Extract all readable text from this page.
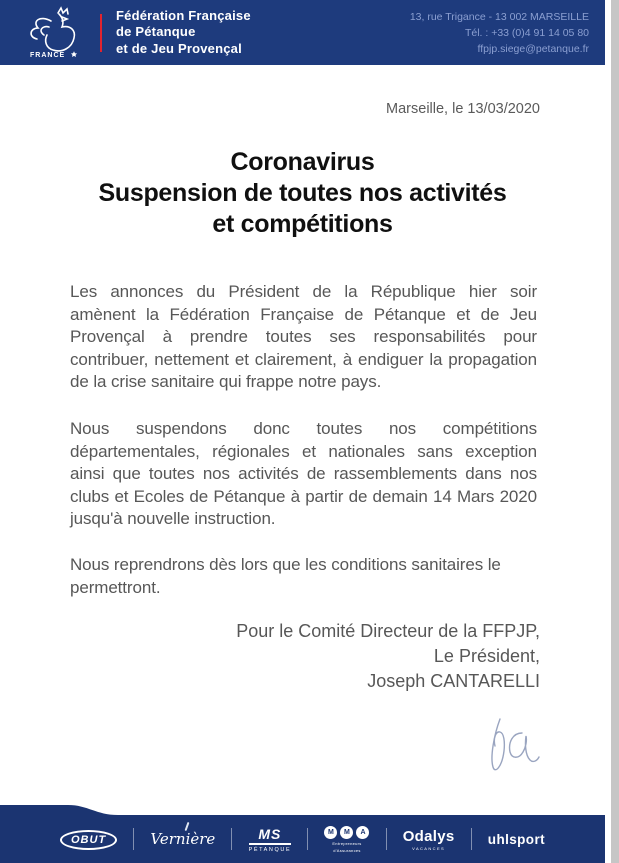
FRANCE
Fédération Française
de Pétanque
et de Jeu Provençal
13, rue Trigance - 13 002 MARSEILLE
Tél. : +33 (0)4 91 14 05 80
ffpjp.siege@petanque.fr
Marseille, le 13/03/2020
Coronavirus
Suspension de toutes nos activités
et compétitions

Les annonces du Président de la République hier soir amènent la Fédération Française de Pétanque et de Jeu Provençal à prendre toutes ses responsabilités pour contribuer, nettement et clairement, à endiguer la propagation de la crise sanitaire qui frappe notre pays.

Nous suspendons donc toutes nos compétitions départementales, régionales et nationales sans exception ainsi que toutes nos activités de rassemblements dans nos clubs et Ecoles de Pétanque à partir de demain 14 Mars 2020 jusqu'à nouvelle instruction.

Nous reprendrons dès lors que les conditions sanitaires le permettront.

Pour le Comité Directeur de la FFPJP,
Le Président,
Joseph CANTARELLI
OBUT	Vernière	MS
PÉTANQUE
M	M	A
Entrepreneurs
d'Assurances
Odalys
VACANCES
uhlsport
